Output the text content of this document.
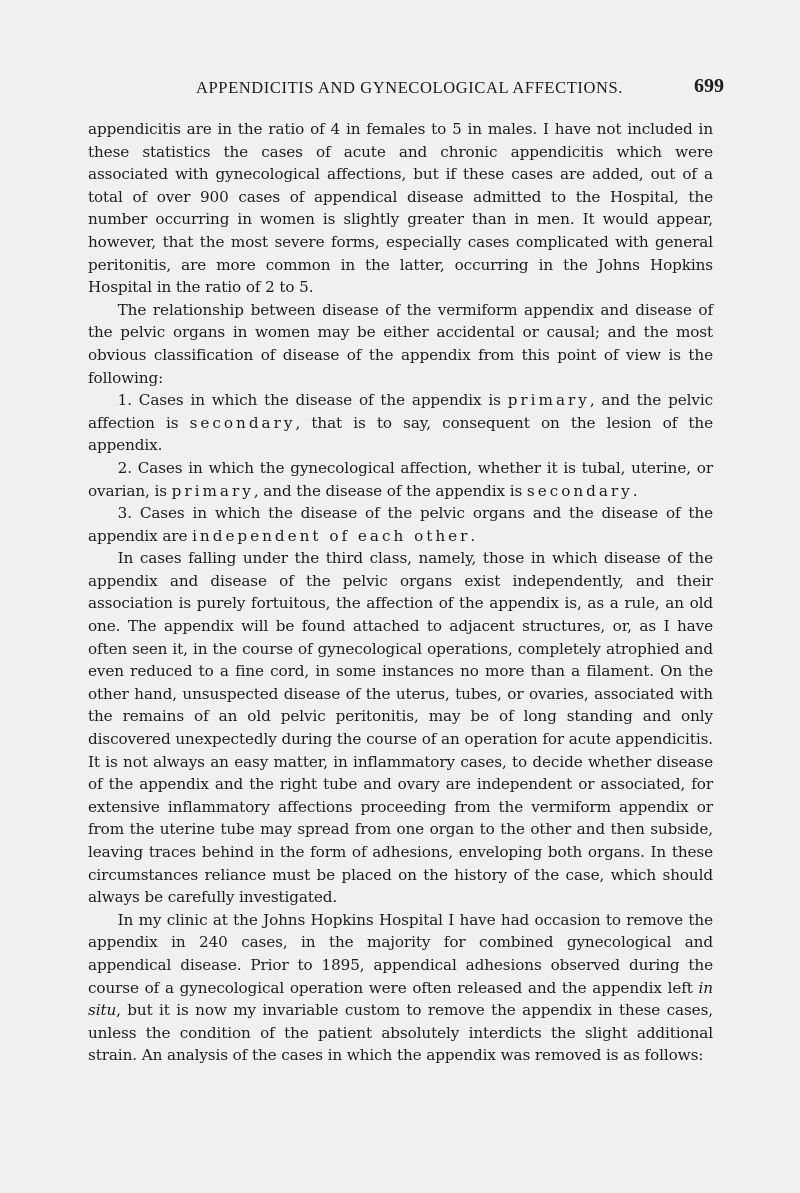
APPENDICITIS AND GYNECOLOGICAL AFFECTIONS.	699

appendicitis are in the ratio of 4 in females to 5 in males. I have not included in these statistics the cases of acute and chronic appendicitis which were associated with gynecological affections, but if these cases are added, out of a total of over 900 cases of appendical disease admitted to the Hospital, the number occurring in women is slightly greater than in men. It would appear, however, that the most severe forms, especially cases complicated with general peritonitis, are more common in the latter, occurring in the Johns Hopkins Hospital in the ratio of 2 to 5.

The relationship between disease of the vermiform appendix and disease of the pelvic organs in women may be either accidental or causal; and the most obvious classification of disease of the appendix from this point of view is the following:

1. Cases in which the disease of the appendix is primary, and the pelvic affection is secondary, that is to say, consequent on the lesion of the appendix.

2. Cases in which the gynecological affection, whether it is tubal, uterine, or ovarian, is primary, and the disease of the appendix is secondary.

3. Cases in which the disease of the pelvic organs and the disease of the appendix are independent of each other.

In cases falling under the third class, namely, those in which disease of the appendix and disease of the pelvic organs exist independently, and their association is purely fortuitous, the affection of the appendix is, as a rule, an old one. The appendix will be found attached to adjacent structures, or, as I have often seen it, in the course of gynecological operations, completely atrophied and even reduced to a fine cord, in some instances no more than a filament. On the other hand, unsuspected disease of the uterus, tubes, or ovaries, associated with the remains of an old pelvic peritonitis, may be of long standing and only discovered unexpectedly during the course of an operation for acute appendicitis. It is not always an easy matter, in inflammatory cases, to decide whether disease of the appendix and the right tube and ovary are independent or associated, for extensive inflammatory affections proceeding from the vermiform appendix or from the uterine tube may spread from one organ to the other and then subside, leaving traces behind in the form of adhesions, enveloping both organs. In these circumstances reliance must be placed on the history of the case, which should always be carefully investigated.

In my clinic at the Johns Hopkins Hospital I have had occasion to remove the appendix in 240 cases, in the majority for combined gynecological and appendical disease. Prior to 1895, appendical adhesions observed during the course of a gynecological operation were often released and the appendix left in situ, but it is now my invariable custom to remove the appendix in these cases, unless the condition of the patient absolutely interdicts the slight additional strain. An analysis of the cases in which the appendix was removed is as follows:
